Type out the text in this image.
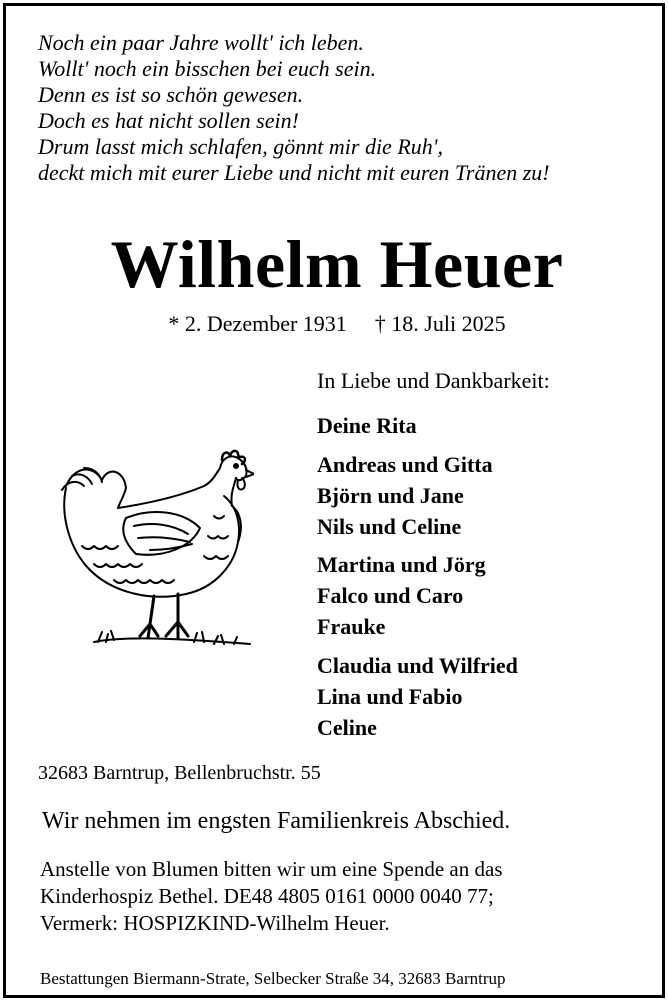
Noch ein paar Jahre wollt' ich leben.
Wollt' noch ein bisschen bei euch sein.
Denn es ist so schön gewesen.
Doch es hat nicht sollen sein!
Drum lasst mich schlafen, gönnt mir die Ruh',
deckt mich mit eurer Liebe und nicht mit euren Tränen zu!
Wilhelm Heuer
* 2. Dezember 1931 † 18. Juli 2025
In Liebe und Dankbarkeit:
Deine Rita
Andreas und Gitta
Björn und Jane
Nils und Celine
Martina und Jörg
Falco und Caro
Frauke
Claudia und Wilfried
Lina und Fabio
Celine
32683 Barntrup, Bellenbruchstr. 55
Wir nehmen im engsten Familienkreis Abschied.
Anstelle von Blumen bitten wir um eine Spende an das
Kinderhospiz Bethel. DE48 4805 0161 0000 0040 77;
Vermerk: HOSPIZKIND-Wilhelm Heuer.
Bestattungen Biermann-Strate, Selbecker Straße 34, 32683 Barntrup
